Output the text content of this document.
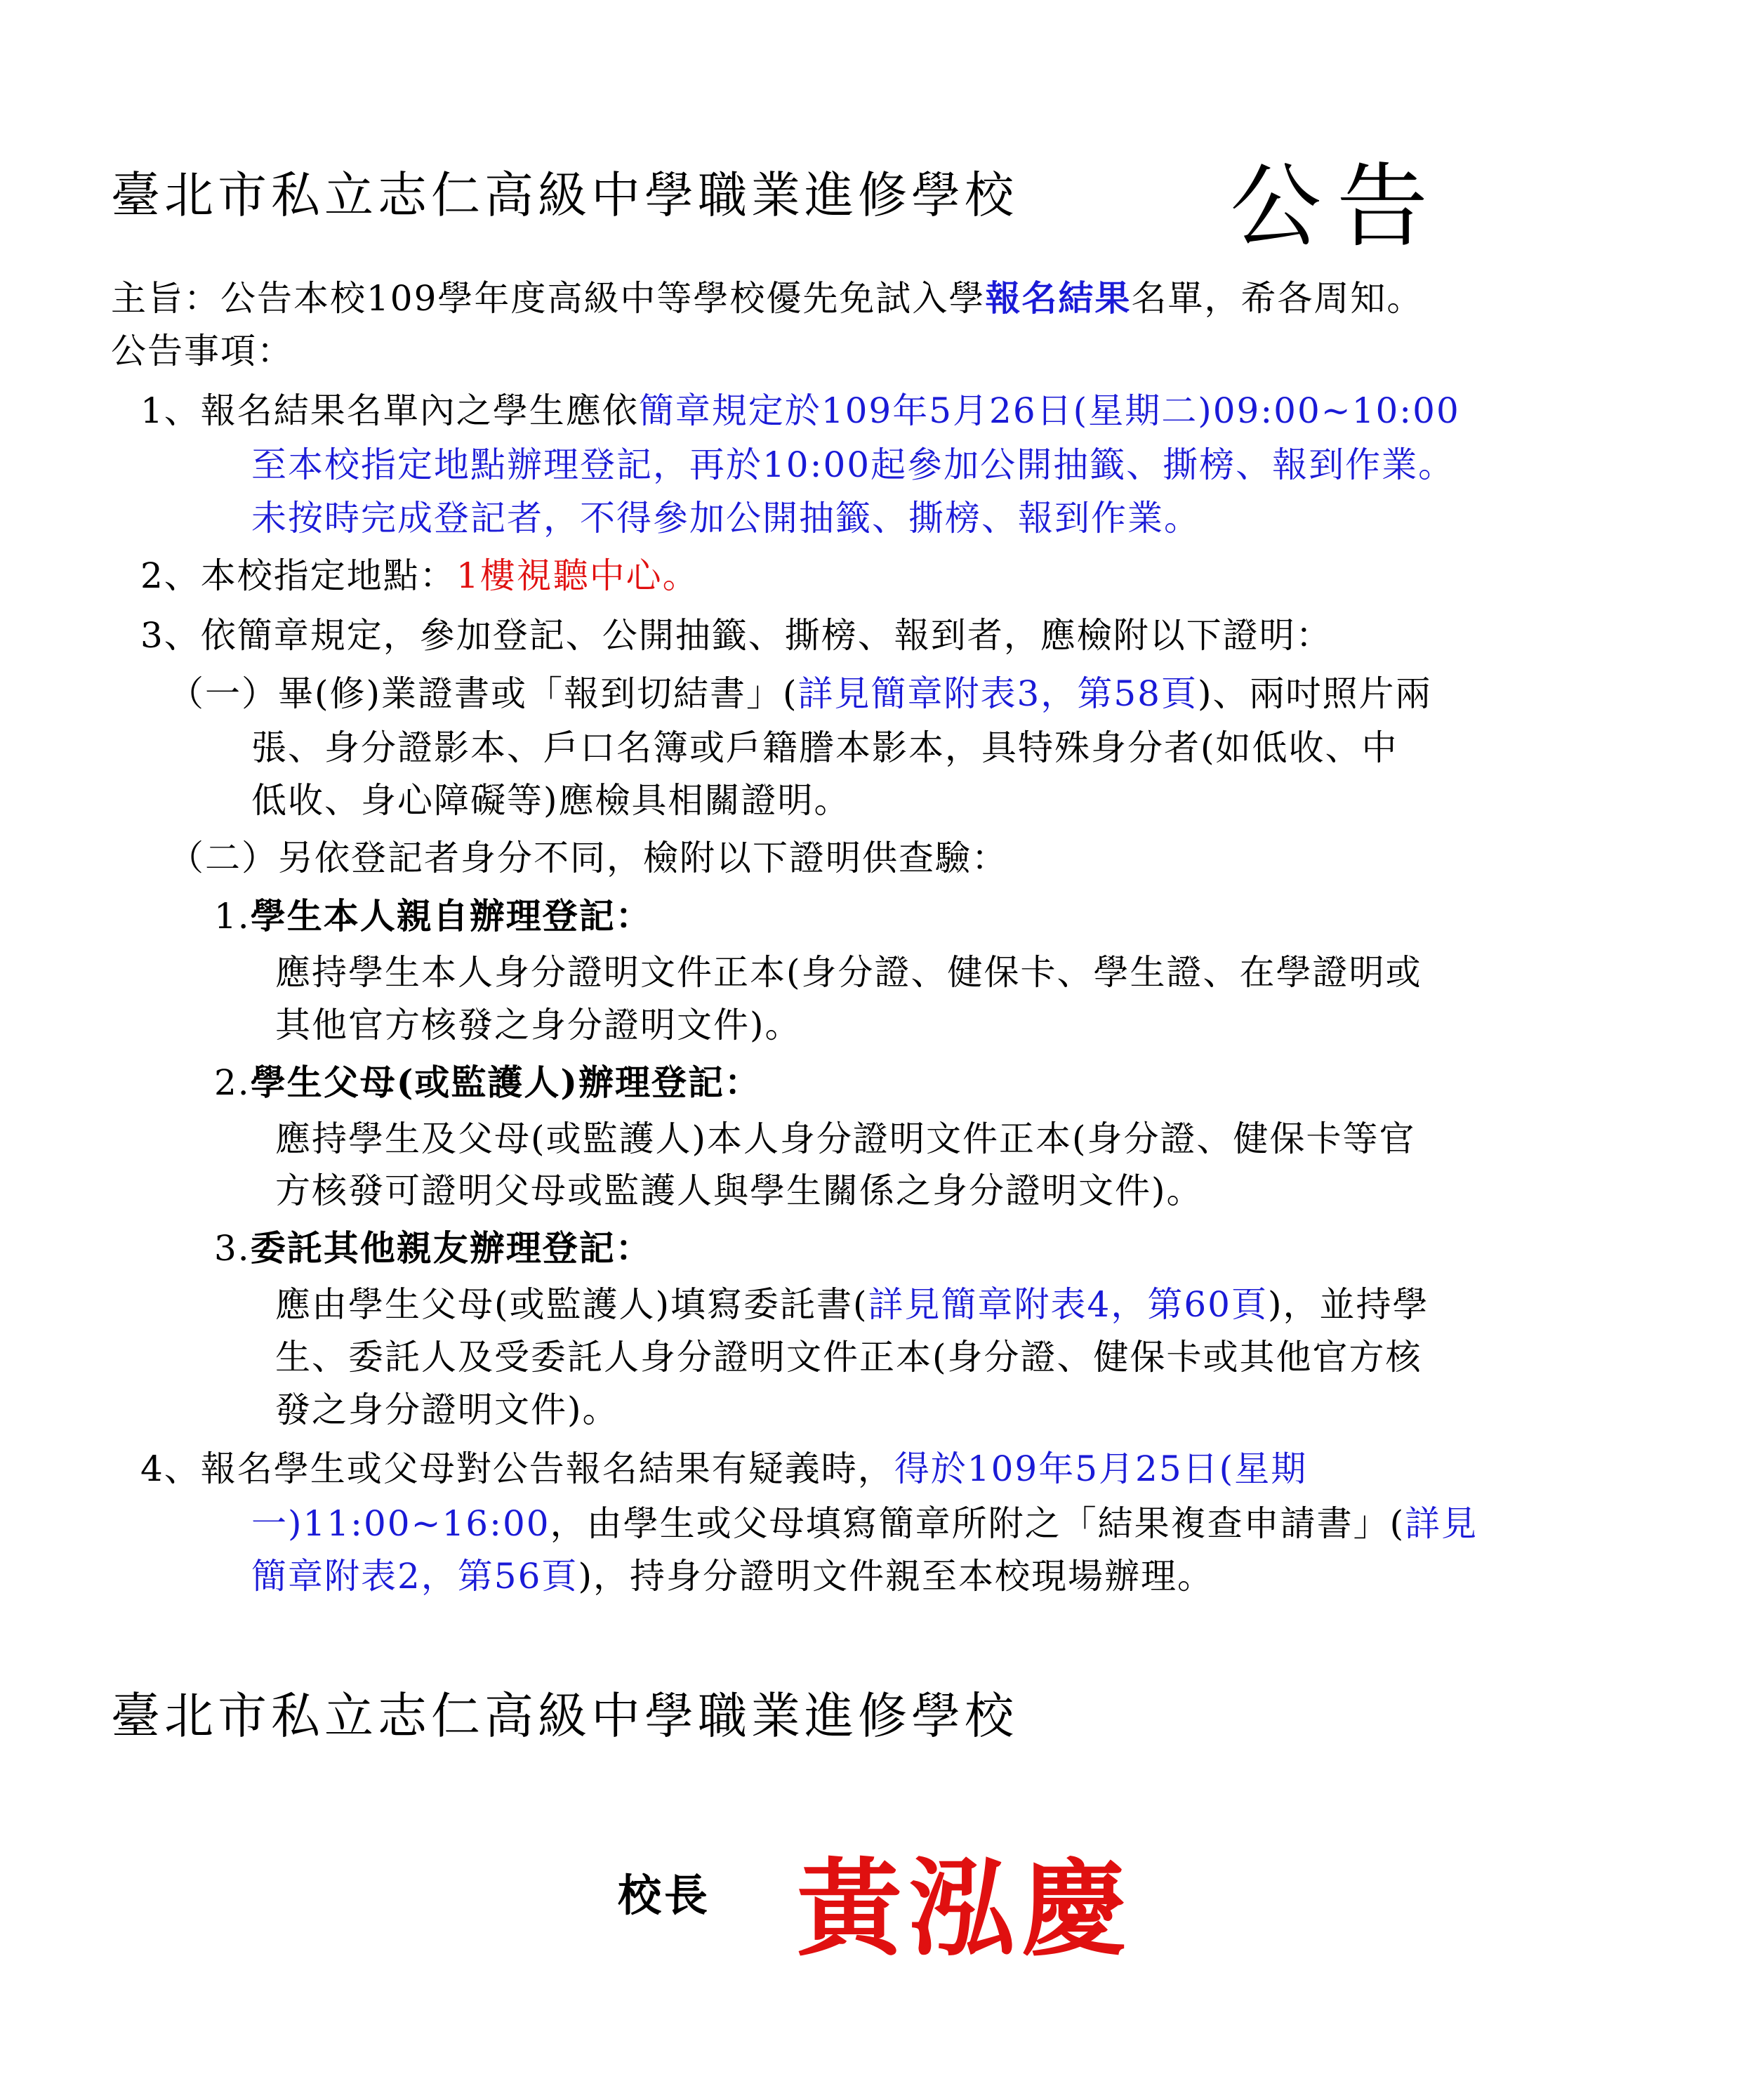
臺北市私立志仁高級中學職業進修學校 公告
主旨：公告本校109學年度高級中等學校優先免試入學報名結果名單，希各周知。
公告事項：
1、報名結果名單內之學生應依簡章規定於109年5月26日(星期二)09:00~10:00
至本校指定地點辦理登記，再於10:00起參加公開抽籤、撕榜、報到作業。
未按時完成登記者，不得參加公開抽籤、撕榜、報到作業。
2、本校指定地點：1樓視聽中心。
3、依簡章規定，參加登記、公開抽籤、撕榜、報到者，應檢附以下證明：
（一）畢(修)業證書或「報到切結書」(詳見簡章附表3，第58頁)、兩吋照片兩
張、身分證影本、戶口名簿或戶籍謄本影本，具特殊身分者(如低收、中
低收、身心障礙等)應檢具相關證明。
（二）另依登記者身分不同，檢附以下證明供查驗：
1.學生本人親自辦理登記：
應持學生本人身分證明文件正本(身分證、健保卡、學生證、在學證明或
其他官方核發之身分證明文件)。
2.學生父母(或監護人)辦理登記：
應持學生及父母(或監護人)本人身分證明文件正本(身分證、健保卡等官
方核發可證明父母或監護人與學生關係之身分證明文件)。
3.委託其他親友辦理登記：
應由學生父母(或監護人)填寫委託書(詳見簡章附表4，第60頁)，並持學
生、委託人及受委託人身分證明文件正本(身分證、健保卡或其他官方核
發之身分證明文件)。
4、報名學生或父母對公告報名結果有疑義時，得於109年5月25日(星期
一)11:00~16:00，由學生或父母填寫簡章所附之「結果複查申請書」(詳見
簡章附表2，第56頁)，持身分證明文件親至本校現場辦理。
臺北市私立志仁高級中學職業進修學校
校長 黃泓慶
